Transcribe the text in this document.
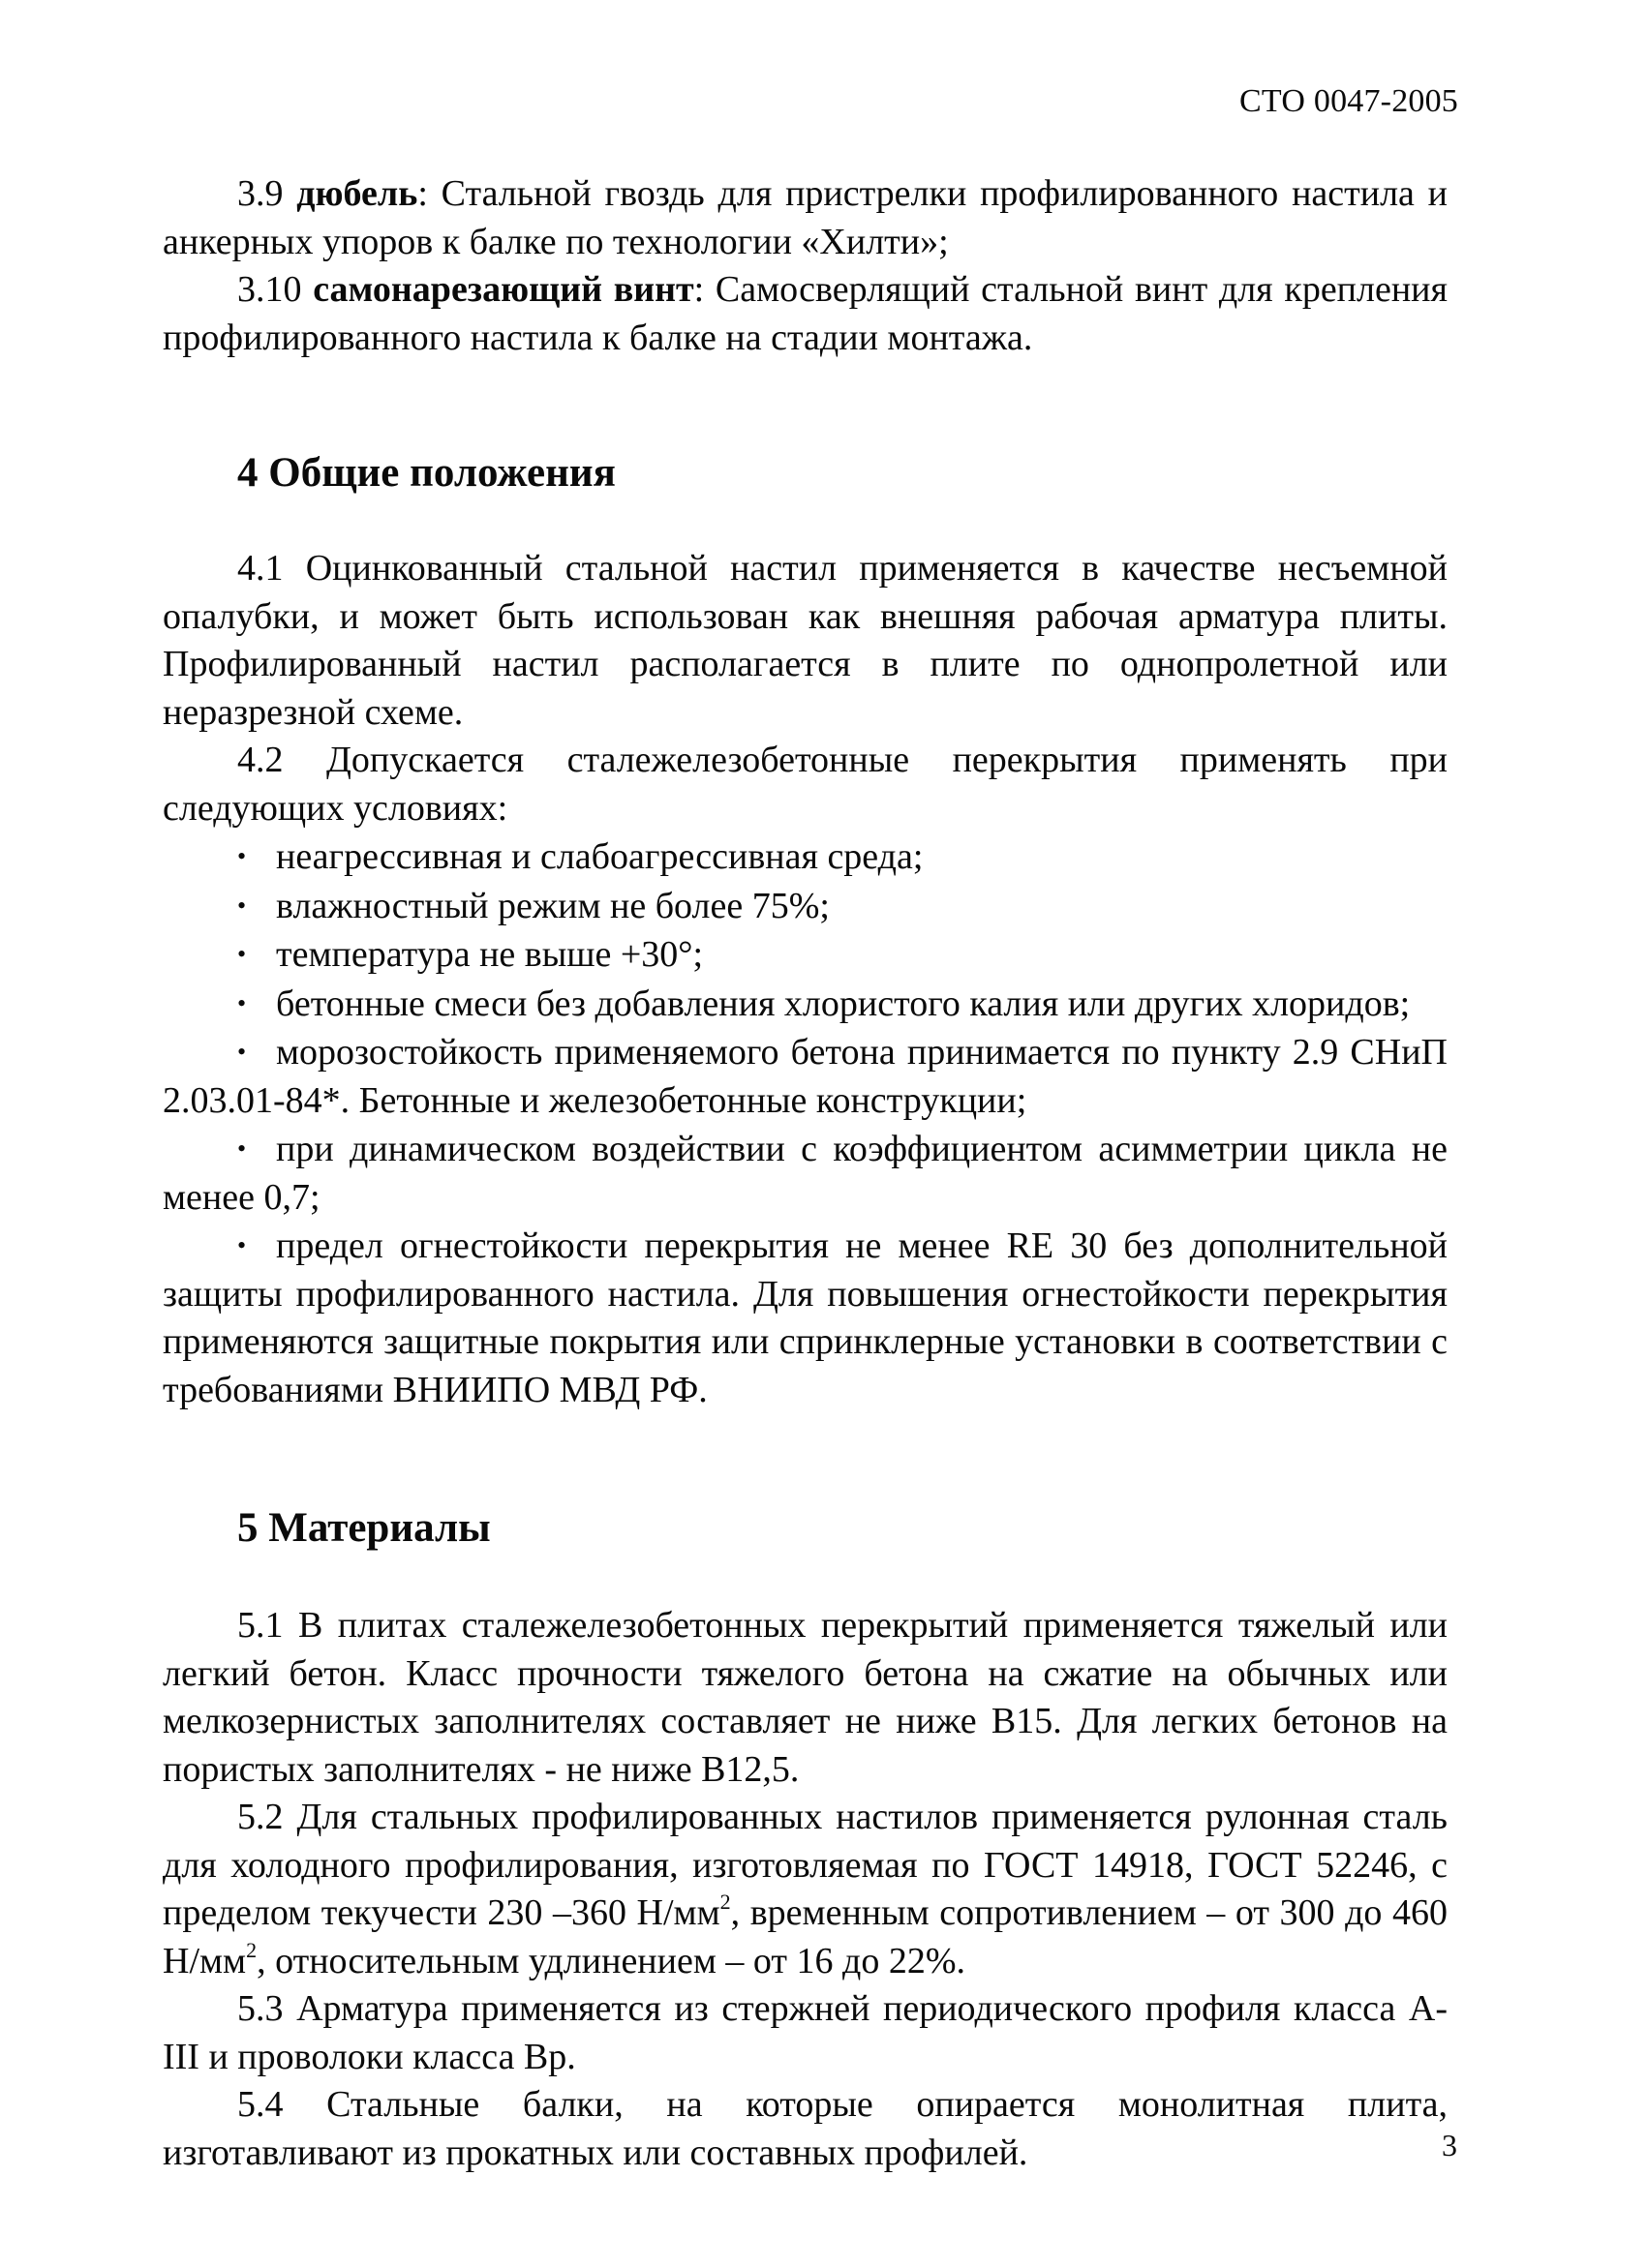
СТО 0047-2005

3.9 дюбель: Стальной гвоздь для пристрелки профилированного настила и анкерных упоров к балке по технологии «Хилти»;

3.10 самонарезающий винт: Самосверлящий стальной винт для крепления профилированного настила к балке на стадии монтажа.

4 Общие положения

4.1 Оцинкованный стальной настил применяется в качестве несъемной опалубки, и может быть использован как внешняя рабочая арматура плиты. Профилированный настил располагается в плите по однопролетной или неразрезной схеме.

4.2 Допускается сталежелезобетонные перекрытия применять при следующих условиях:

• неагрессивная и слабоагрессивная среда;
• влажностный режим не более 75%;
• температура не выше +30°;
• бетонные смеси без добавления хлористого калия или других хлоридов;
• морозостойкость применяемого бетона принимается по пункту 2.9 СНиП 2.03.01-84*. Бетонные и железобетонные конструкции;
• при динамическом воздействии с коэффициентом асимметрии цикла не менее 0,7;
• предел огнестойкости перекрытия не менее RE 30 без дополнительной защиты профилированного настила. Для повышения огнестойкости перекрытия применяются защитные покрытия или спринклерные установки в соответствии с требованиями ВНИИПО МВД РФ.
5 Материалы

5.1 В плитах сталежелезобетонных перекрытий применяется тяжелый или легкий бетон. Класс прочности тяжелого бетона на сжатие на обычных или мелкозернистых заполнителях составляет не ниже В15. Для легких бетонов на пористых заполнителях - не ниже В12,5.

5.2 Для стальных профилированных настилов применяется рулонная сталь для холодного профилирования, изготовляемая по ГОСТ 14918, ГОСТ 52246, с пределом текучести 230 –360 $Н/мм^2$, временным сопротивлением – от 300 до 460 $Н/мм^2$, относительным удлинением – от 16 до 22%.

5.3 Арматура применяется из стержней периодического профиля класса А-III и проволоки класса Вр.

5.4 Стальные балки, на которые опирается монолитная плита, изготавливают из прокатных или составных профилей.	3
